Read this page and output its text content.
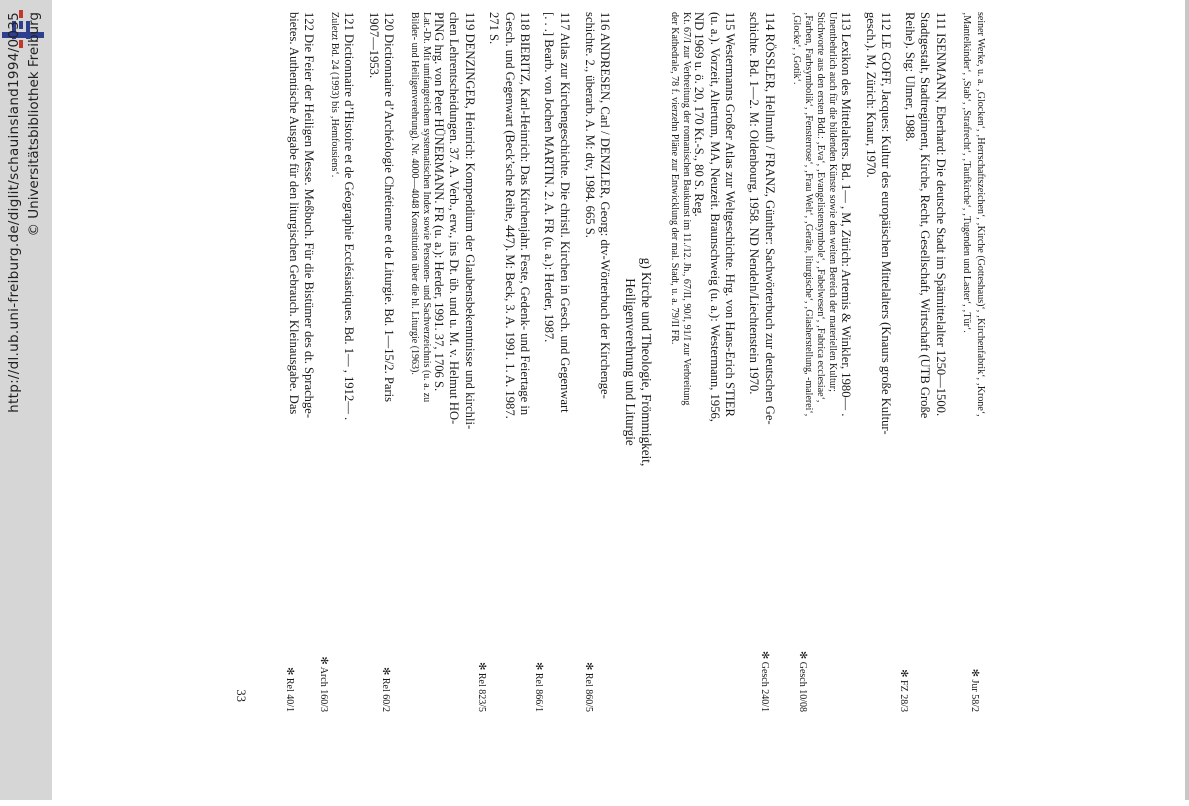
http://dl.ub.uni-freiburg.de/diglit/schauinsland1994/0035 © Universitätsbibliothek Freiburg	seiner Werke, u. a. ‚Glocken‘, ‚Herrschaftszeichen‘, ‚Kirche (Gotteshaus)‘, ‚Kirchenfabrik‘, ‚Krone‘,
‚Mantelkinder‘, ‚Stab‘, ‚Strafrecht‘, ‚Taufkirche‘, ‚Tugenden und Laster‘, ‚Tür‘.
111 ISENMANN, Eberhard: Die deutsche Stadt im Spätmittelalter 1250—1500.
Stadtgestalt, Stadtregiment, Kirche, Recht, Gesellschaft, Wirtschaft (UTB Große
Reihe). Stg: Ulmer, 1988.
112 LE GOFF, Jacques: Kultur des europäischen Mittelalters (Knaurs große Kultur-
gesch.). M, Zürich: Knaur, 1970.
113 Lexikon des Mittelalters. Bd. 1— , M, Zürich: Artemis & Winkler, 1980— .
Unentbehrlich auch für die bildenden Künste sowie den weiten Bereich der materiellen Kultur;
Stichworte aus den ersten Bdd.: ‚Eva‘, ‚Evangelistensymbole‘, ‚Fabelwesen‘, ‚Fabrica ecclesiae‘,
‚Farben, Farbsymbolik‘, ‚Fensterrose‘, ‚Frau Welt‘, ‚Geräte, liturgische‘, ‚Glasherstellung, -malerei‘,
‚Glocke‘, ‚Gotik‘.
114 RÖSSLER, Hellmuth / FRANZ, Günther: Sachwörterbuch zur deutschen Ge-
schichte. Bd. 1—2. M: Oldenbourg, 1958. ND Nendeln/Liechtenstein 1970.
115 Westermanns Großer Atlas zur Weltgeschichte. Hrg. von Hans-Erich STIER
(u. a.). Vorzeit, Altertum, MA, Neuzeit. Braunschweig (u. a.): Westermann, 1956,
ND 1969 u. ö. 20, 170 Kt.-S., 80 S. Reg.
Kt. 67/I zur Verbreitung der romanischen Baukunst im 11./12. Jh., 67/II, 90/I, 91/I zur Verbreitung
der Kathedrale, 78 f. vierzehn Pläne zur Entwicklung der mal. Stadt, u. a. 79/II FR.
g) Kirche und Theologie, Frömmigkeit,
Heiligenverehrung und Liturgie
116 ANDRESEN, Carl / DENZLER, Georg: dtv-Wörterbuch der Kirchenge-
schichte. 2., überarb. A. M: dtv, 1984. 665 S.
117 Atlas zur Kirchengeschichte. Die christl. Kirchen in Gesch. und Gegenwart
[. . .] Bearb. von Jochen MARTIN. 2. A. FR (u. a.): Herder, 1987.
118 BIERITZ, Karl-Heinrich: Das Kirchenjahr. Feste, Gedenk- und Feiertage in
Gesch. und Gegenwart (Beck’sche Reihe, 447). M: Beck, 3. A. 1991. 1. A. 1987.
271 S.
119 DENZINGER, Heinrich: Kompendium der Glaubensbekenntnisse und kirchli-
chen Lehrentscheidungen. 37. A. Verb., erw., ins Dt. üb. und u. M. v. Helmut HO-
PING hrg. von Peter HÜNERMANN. FR (u. a.): Herder, 1991. 37, 1706 S.
Lat.-Dt. Mit umfangreichem systematischen Index sowie Personen- und Sachverzeichnis (u. a. zu
Bilder- und Heiligenverehrung). Nr. 4000—4048 Konstitution über die hl. Liturgie (1963).
120 Dictionnaire d’Archéologie Chrétienne et de Liturgie. Bd. 1—15/2. Paris
1907—1953.
121 Dictionnaire d’Histoire et de Géographie Ecclésiastiques. Bd. 1— , 1912— .
Zuletzt Bd. 24 (1993) bis ‚Hemfousiens‘.
122 Die Feier der Heiligen Messe. Meßbuch. Für die Bistümer des dt. Sprachge-
bietes. Authentische Ausgabe für den liturgischen Gebrauch. Kleinausgabe. Das
✻ Jur 58/2
✻ FZ 28/3
✻ Gesch 10/08
✻ Gesch 240/1
✻ Rel 860/5
✻ Rel 866/1
✻ Rel 823/5
✻ Rel 60/2
✻ Arch 160/3
✻ Rel 40/1
33
